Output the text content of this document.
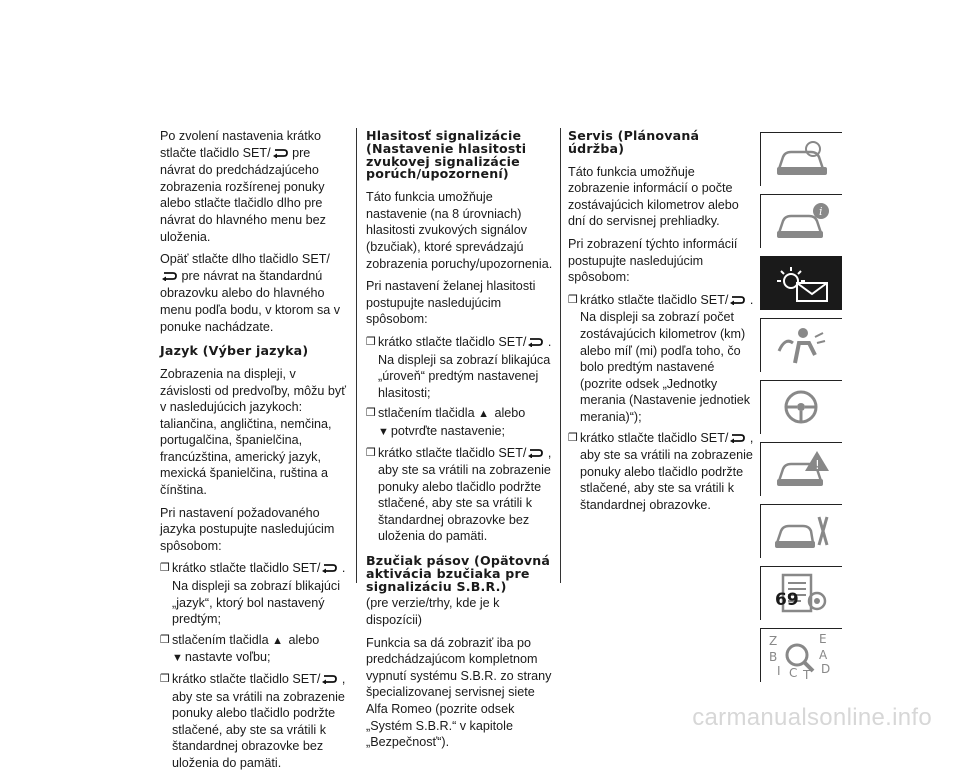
Po zvolení nastavenia krátko stlačte tlačidlo SET/ pre návrat do predchádzajúceho zobrazenia rozšírenej ponuky alebo stlačte tlačidlo dlho pre návrat do hlavného menu bez uloženia.

Opäť stlačte dlho tlačidlo SET/ pre návrat na štandardnú obrazovku alebo do hlavného menu podľa bodu, v ktorom sa v ponuke nachádzate.

Jazyk (Výber jazyka)

Zobrazenia na displeji, v závislosti od predvoľby, môžu byť v nasledujúcich jazykoch: taliančina, angličtina, nemčina, portugalčina, španielčina, francúzština, americký jazyk, mexická španielčina, ruština a čínština.

Pri nastavení požadovaného jazyka postupujte nasledujúcim spôsobom:

❒ krátko stlačte tlačidlo SET/ . Na displeji sa zobrazí blikajúci „jazyk“, ktorý bol nastavený predtým;
❒ stlačením tlačidla ▲ alebo
▼ nastavte voľbu;
❒ krátko stlačte tlačidlo SET/ , aby ste sa vrátili na zobrazenie ponuky alebo tlačidlo podržte stlačené, aby ste sa vrátili k štandardnej obrazovke bez uloženia do pamäti.
Hlasitosť signalizácie (Nastavenie hlasitosti zvukovej signalizácie porúch/upozornení)

Táto funkcia umožňuje nastavenie (na 8 úrovniach) hlasitosti zvukových signálov (bzučiak), ktoré sprevádzajú zobrazenia poruchy/upozornenia.

Pri nastavení želanej hlasitosti postupujte nasledujúcim spôsobom:

❒ krátko stlačte tlačidlo SET/ . Na displeji sa zobrazí blikajúca „úroveň“ predtým nastavenej hlasitosti;
❒ stlačením tlačidla ▲ alebo
▼ potvrďte nastavenie;
❒ krátko stlačte tlačidlo SET/ , aby ste sa vrátili na zobrazenie ponuky alebo tlačidlo podržte stlačené, aby ste sa vrátili k štandardnej obrazovke bez uloženia do pamäti.
Bzučiak pásov (Opätovná aktivácia bzučiaka pre signalizáciu S.B.R.)

(pre verzie/trhy, kde je k dispozícii)

Funkcia sa dá zobraziť iba po predchádzajúcom kompletnom vypnutí systému S.B.R. zo strany špecializovanej servisnej siete Alfa Romeo (pozrite odsek „Systém S.B.R.“ v kapitole „Bezpečnosť“).

Servis (Plánovaná údržba)

Táto funkcia umožňuje zobrazenie informácií o počte zostávajúcich kilometrov alebo dní do servisnej prehliadky.

Pri zobrazení týchto informácií postupujte nasledujúcim spôsobom:

❒ krátko stlačte tlačidlo SET/ . Na displeji sa zobrazí počet zostávajúcich kilometrov (km) alebo míľ (mi) podľa toho, čo bolo predtým nastavené (pozrite odsek „Jednotky merania (Nastavenie jednotiek merania)“);
❒ krátko stlačte tlačidlo SET/ , aby ste sa vrátili na zobrazenie ponuky alebo tlačidlo podržte stlačené, aby ste sa vrátili k štandardnej obrazovke.
i
!
Z	E
B	A
I C T D
69
carmanualsonline.info
